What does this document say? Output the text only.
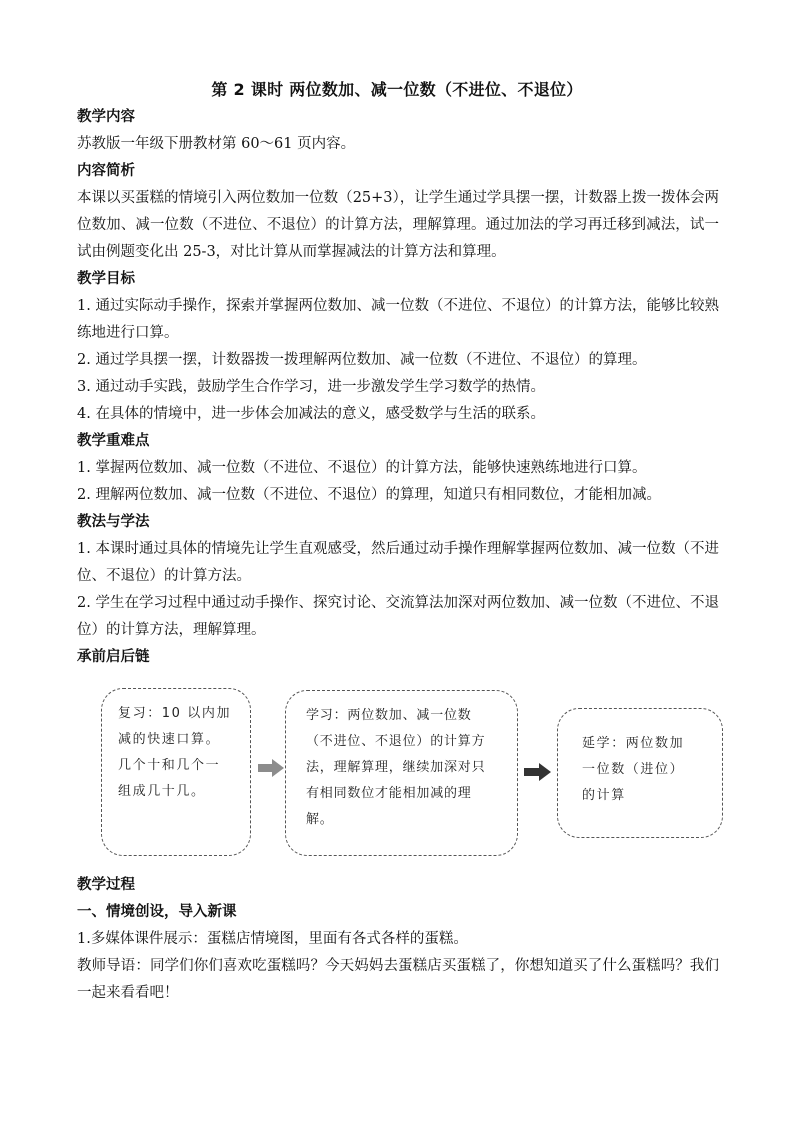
第 2 课时 两位数加、减一位数（不进位、不退位）
教学内容
苏教版一年级下册教材第 60～61 页内容。
内容简析
本课以买蛋糕的情境引入两位数加一位数（25+3），让学生通过学具摆一摆，计数器上拨一拨体会两位数加、减一位数（不进位、不退位）的计算方法，理解算理。通过加法的学习再迁移到减法，试一试由例题变化出 25-3，对比计算从而掌握减法的计算方法和算理。
教学目标
1. 通过实际动手操作，探索并掌握两位数加、减一位数（不进位、不退位）的计算方法，能够比较熟练地进行口算。
2. 通过学具摆一摆，计数器拨一拨理解两位数加、减一位数（不进位、不退位）的算理。
3. 通过动手实践，鼓励学生合作学习，进一步激发学生学习数学的热情。
4. 在具体的情境中，进一步体会加减法的意义，感受数学与生活的联系。
教学重难点
1. 掌握两位数加、减一位数（不进位、不退位）的计算方法，能够快速熟练地进行口算。
2. 理解两位数加、减一位数（不进位、不退位）的算理，知道只有相同数位，才能相加减。
教法与学法
1. 本课时通过具体的情境先让学生直观感受，然后通过动手操作理解掌握两位数加、减一位数（不进位、不退位）的计算方法。
2. 学生在学习过程中通过动手操作、探究讨论、交流算法加深对两位数加、减一位数（不进位、不退位）的计算方法，理解算理。
承前启后链
教学过程
一、情境创设，导入新课
1.多媒体课件展示：蛋糕店情境图，里面有各式各样的蛋糕。
教师导语：同学们你们喜欢吃蛋糕吗？今天妈妈去蛋糕店买蛋糕了，你想知道买了什么蛋糕吗？我们一起来看看吧！
复习：10 以内加减的快速口算。几个十和几个一组成几十几。
学习：两位数加、减一位数（不进位、不退位）的计算方法，理解算理，继续加深对只有相同数位才能相加减的理解。
延学：两位数加一位数（进位）的计算
